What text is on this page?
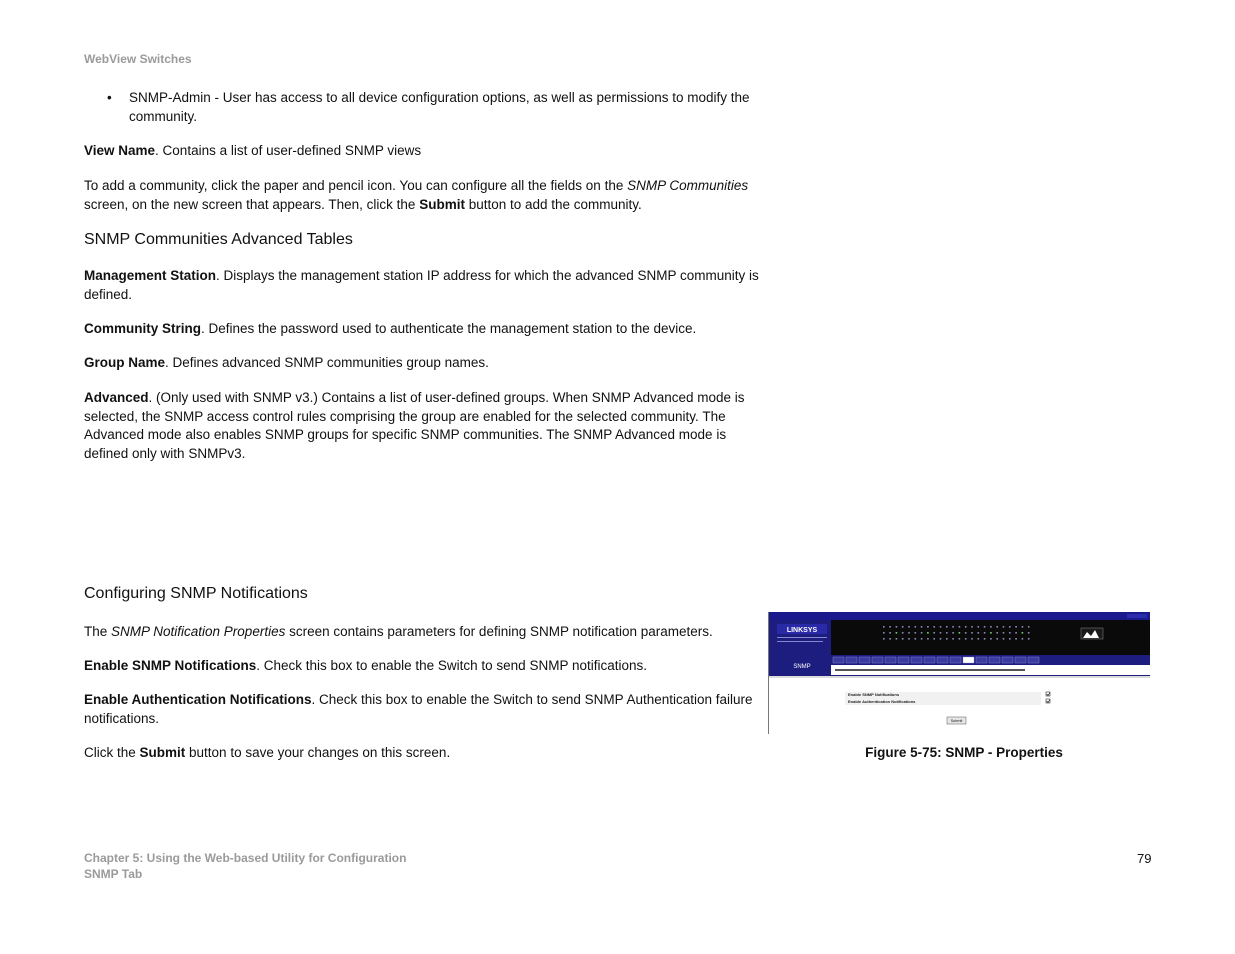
WebView Switches
• SNMP-Admin - User has access to all device configuration options, as well as permissions to modify the community.

View Name. Contains a list of user-defined SNMP views

To add a community, click the paper and pencil icon. You can configure all the fields on the SNMP Communities screen, on the new screen that appears. Then, click the Submit button to add the community.

SNMP Communities Advanced Tables

Management Station. Displays the management station IP address for which the advanced SNMP community is defined.

Community String. Defines the password used to authenticate the management station to the device.

Group Name. Defines advanced SNMP communities group names.

Advanced. (Only used with SNMP v3.) Contains a list of user-defined groups. When SNMP Advanced mode is selected, the SNMP access control rules comprising the group are enabled for the selected community. The Advanced mode also enables SNMP groups for specific SNMP communities. The SNMP Advanced mode is defined only with SNMPv3.

Configuring SNMP Notifications

The SNMP Notification Properties screen contains parameters for defining SNMP notification parameters.

Enable SNMP Notifications. Check this box to enable the Switch to send SNMP notifications.

Enable Authentication Notifications. Check this box to enable the Switch to send SNMP Authentication failure notifications.

Click the Submit button to save your changes on this screen.

LINKSYS
SNMP
Enable SNMP Notifications
Enable Authentication Notifications
Submit
Figure 5-75: SNMP - Properties
Chapter 5: Using the Web-based Utility for Configuration
SNMP Tab
79
